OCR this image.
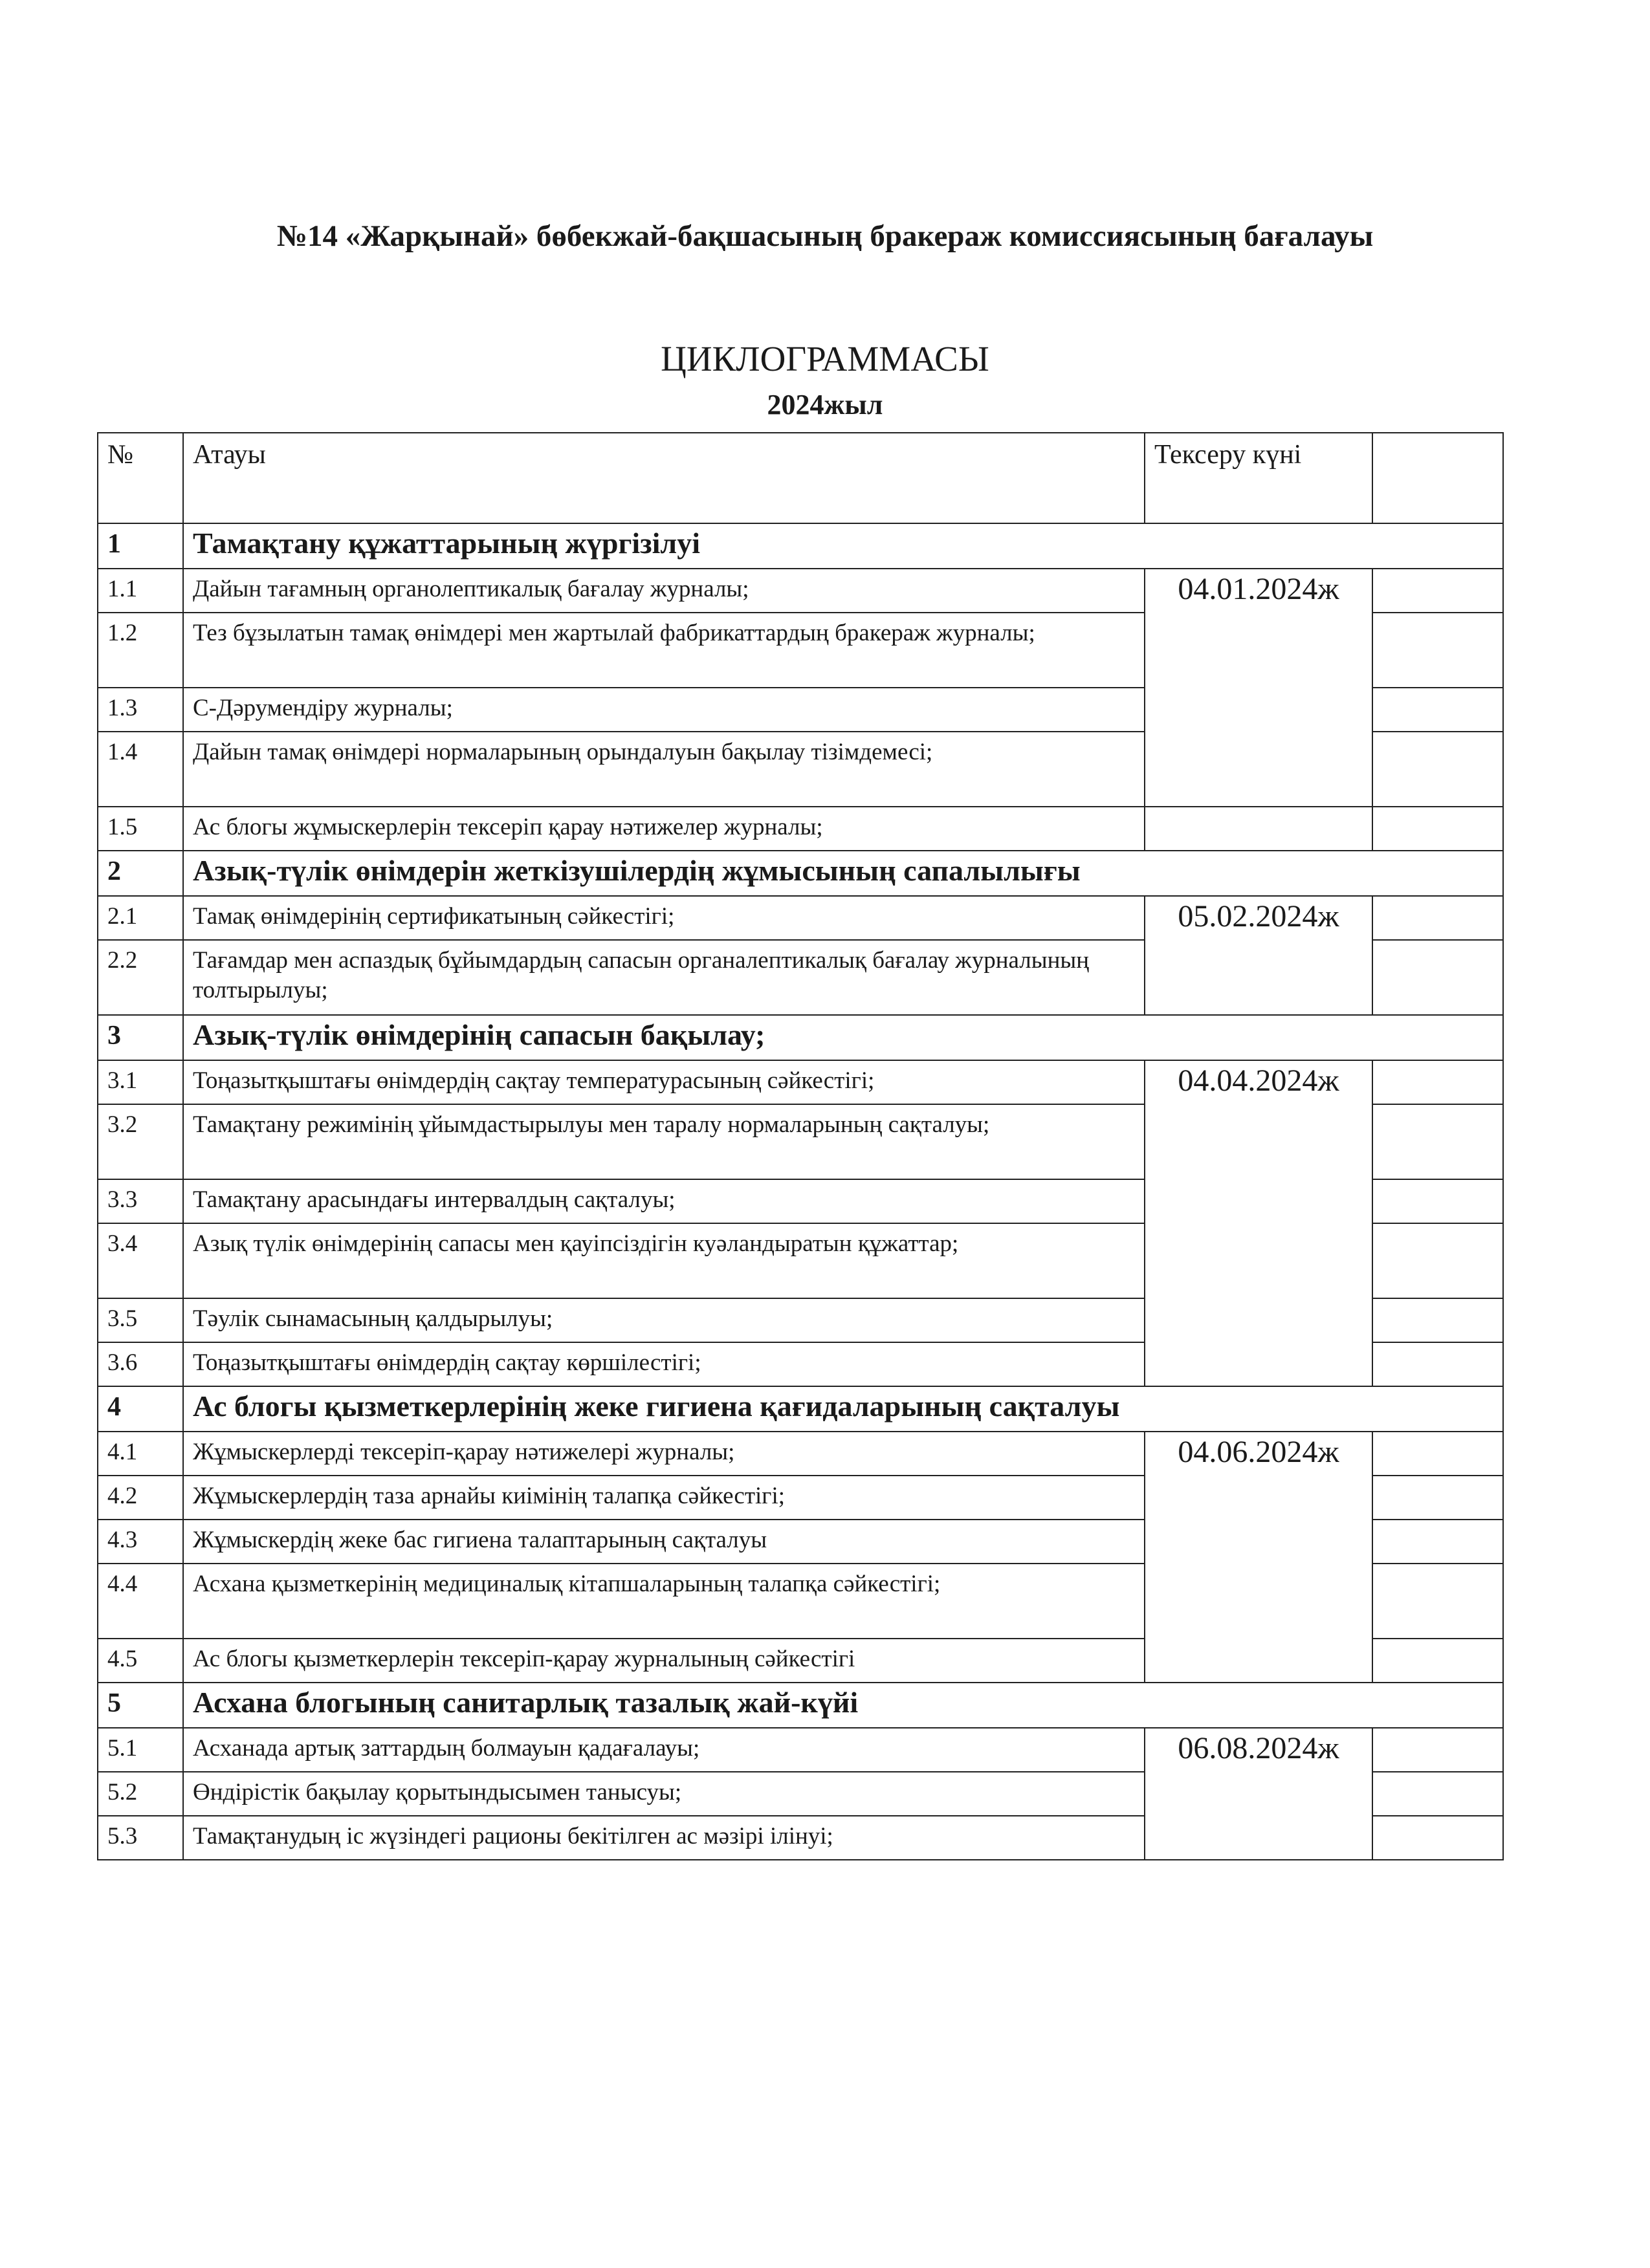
№14 «Жарқынай» бөбекжай-бақшасының бракераж комиссиясының бағалауы
ЦИКЛОГРАММАСЫ
2024жыл
№	Атауы	Тексеру күні	
1	Тамақтану құжаттарының жүргізілуі		
1.1	Дайын тағамның органолептикалық бағалау журналы;	04.01.2024ж	
1.2	Тез бұзылатын тамақ өнімдері мен жартылай фабрикаттардың бракераж журналы;		
1.3	С-Дәрумендіру журналы;		
1.4	Дайын тамақ өнімдері нормаларының орындалуын бақылау тізімдемесі;		
1.5	Ас блогы жұмыскерлерін тексеріп қарау нәтижелер журналы;		
2	Азық-түлік өнімдерін жеткізушілердің жұмысының сапалылығы		
2.1	Тамақ өнімдерінің сертификатының сәйкестігі;	05.02.2024ж	
2.2	Тағамдар мен аспаздық бұйымдардың сапасын органалептикалық бағалау журналының толтырылуы;		
3	Азық-түлік өнімдерінің сапасын бақылау;		
3.1	Тоңазытқыштағы өнімдердің сақтау температурасының сәйкестігі;	04.04.2024ж	
3.2	Тамақтану режимінің ұйымдастырылуы мен таралу нормаларының сақталуы;		
3.3	Тамақтану арасындағы интервалдың сақталуы;		
3.4	Азық түлік өнімдерінің сапасы мен қауіпсіздігін куәландыратын құжаттар;		
3.5	Тәулік сынамасының қалдырылуы;		
3.6	Тоңазытқыштағы өнімдердің сақтау көршілестігі;		
4	Ас блогы қызметкерлерінің жеке гигиена қағидаларының сақталуы		
4.1	Жұмыскерлерді тексеріп-қарау нәтижелері журналы;	04.06.2024ж	
4.2	Жұмыскерлердің таза арнайы киімінің талапқа сәйкестігі;		
4.3	Жұмыскердің жеке бас гигиена талаптарының сақталуы		
4.4	Асхана қызметкерінің медициналық кітапшаларының талапқа сәйкестігі;		
4.5	Ас блогы қызметкерлерін тексеріп-қарау журналының сәйкестігі		
5	Асхана блогының санитарлық тазалық жай-күйі		
5.1	Асханада артық заттардың болмауын қадағалауы;	06.08.2024ж	
5.2	Өндірістік бақылау қорытындысымен танысуы;		
5.3	Тамақтанудың іс жүзіндегі рационы бекітілген ас мәзірі ілінуі;		
